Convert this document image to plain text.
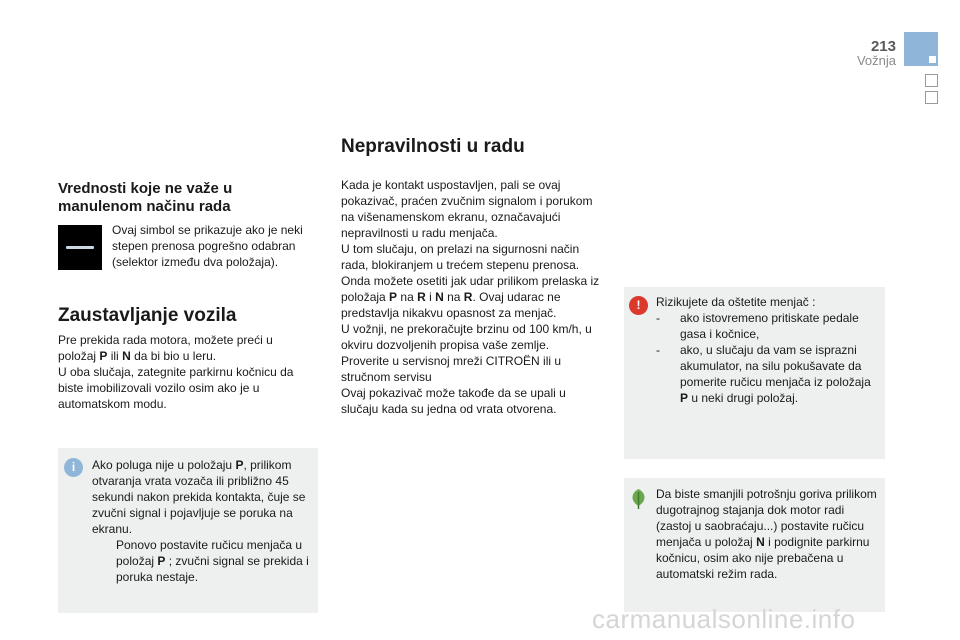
213
Vožnja
Vrednosti koje ne važe u manulenom načinu rada

Ovaj simbol se prikazuje ako je neki stepen prenosa pogrešno odabran (selektor između dva položaja).

Zaustavljanje vozila
Pre prekida rada motora, možete preći u položaj P ili N da bi bio u leru.
U oba slučaja, zategnite parkirnu kočnicu da biste imobilizovali vozilo osim ako je u automatskom modu.
Ako poluga nije u položaju P, prilikom otvaranja vrata vozača ili približno 45 sekundi nakon prekida kontakta, čuje se zvučni signal i pojavljuje se poruka na ekranu.
Ponovo postavite ručicu menjača u položaj P ; zvučni signal se prekida i poruka nestaje.
i
Nepravilnosti u radu
Kada je kontakt uspostavljen, pali se ovaj pokazivač, praćen zvučnim signalom i porukom na višenamenskom ekranu, označavajući nepravilnosti u radu menjača.
U tom slučaju, on prelazi na sigurnosni način rada, blokiranjem u trećem stepenu prenosa. Onda možete osetiti jak udar prilikom prelaska iz položaja P na R i N na R. Ovaj udarac ne predstavlja nikakvu opasnost za menjač.
U vožnji, ne prekoračujte brzinu od 100 km/h, u okviru dozvoljenih propisa vaše zemlje.
Proverite u servisnoj mreži CITROËN ili u stručnom servisu
Ovaj pokazivač može takođe da se upali u slučaju kada su jedna od vrata otvorena.
Rizikujete da oštetite menjač :
- ako istovremeno pritiskate pedale gasa i kočnice,
- ako, u slučaju da vam se isprazni akumulator, na silu pokušavate da pomerite ručicu menjača iz položaja P u neki drugi položaj.
!
Da biste smanjili potrošnju goriva prilikom dugotrajnog stajanja dok motor radi (zastoj u saobraćaju...) postavite ručicu menjača u položaj N i podignite parkirnu kočnicu, osim ako nije prebačena u automatski režim rada.
carmanualsonline.info
